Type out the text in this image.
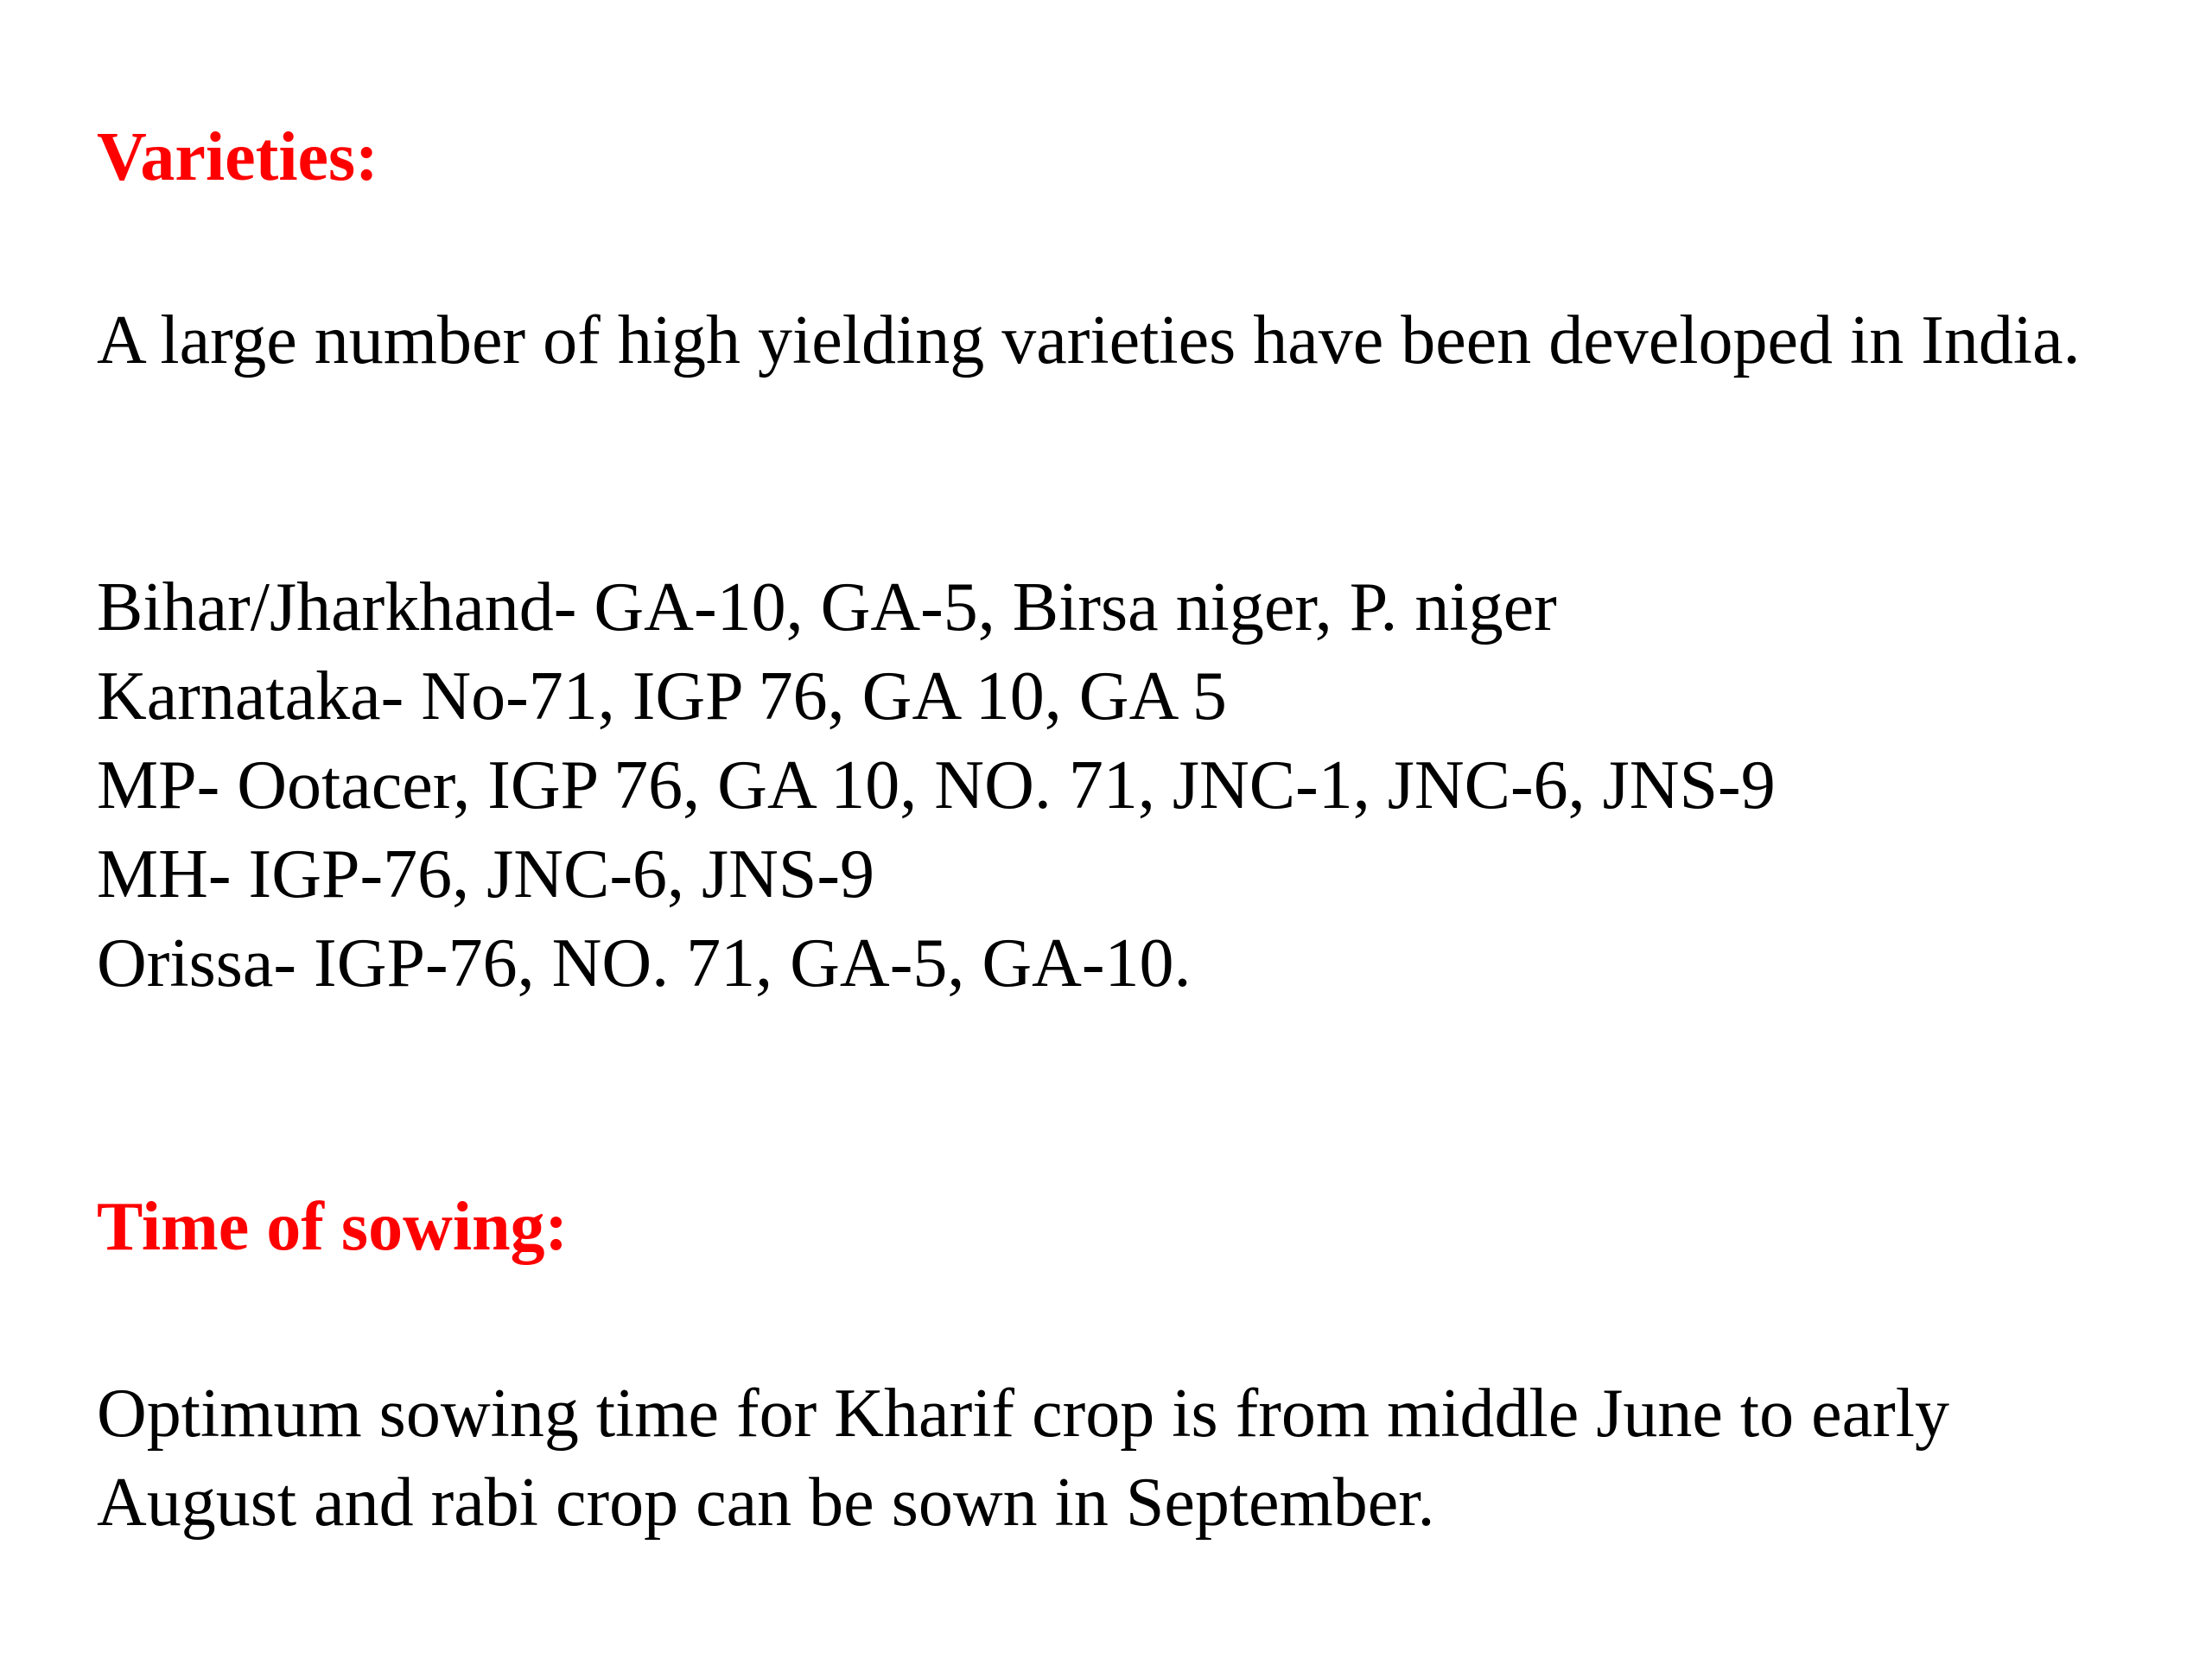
Varieties:

A large number of high yielding varieties have been developed in India.

Bihar/Jharkhand- GA-10, GA-5, Birsa niger, P. niger
Karnataka- No-71, IGP 76, GA 10, GA 5
MP- Ootacer, IGP 76, GA 10, NO. 71, JNC-1, JNC-6, JNS-9
MH- IGP-76, JNC-6, JNS-9
Orissa- IGP-76, NO. 71, GA-5, GA-10.
Time of sowing:

Optimum sowing time for Kharif crop is from middle June to early August and rabi crop can be sown in September.
